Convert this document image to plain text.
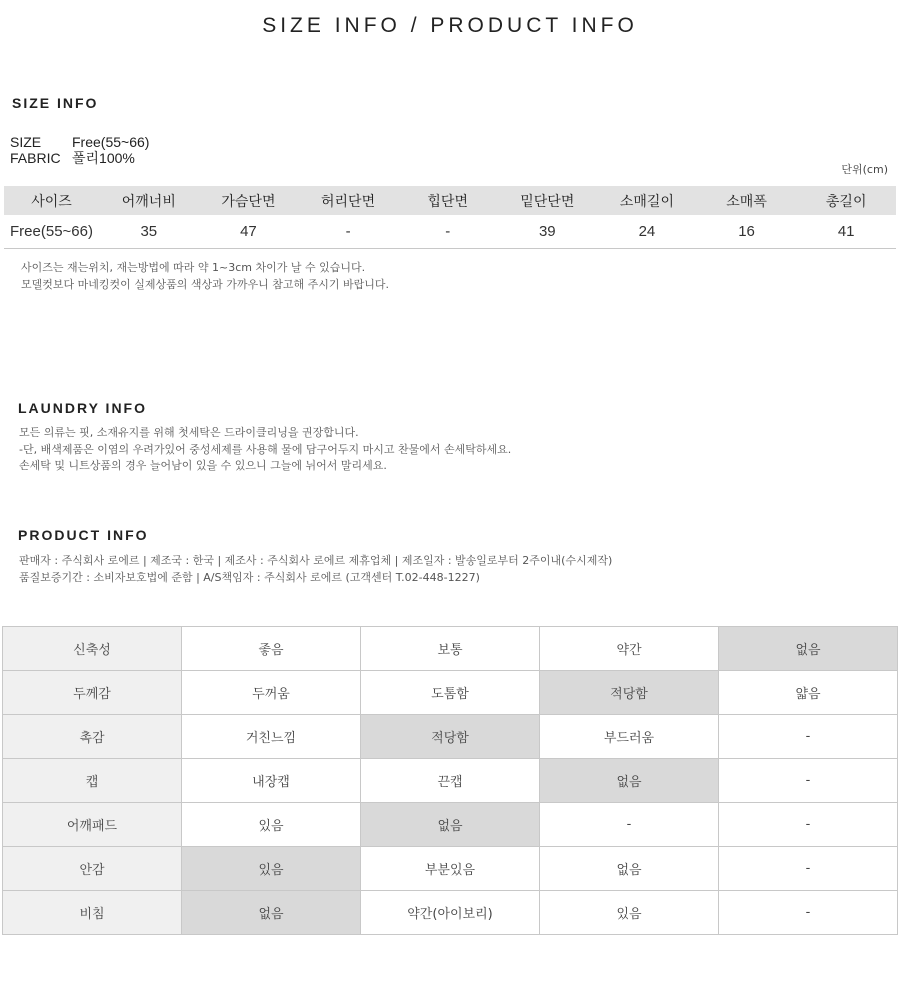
SIZE INFO / PRODUCT INFO
SIZE INFO
SIZE	Free(55~66)
FABRIC 폴리100%
단위(cm)
사이즈	어깨너비	가슴단면	허리단면	힙단면	밑단단면	소매길이	소매폭	총길이
Free(55~66)	35	47	-	-	39	24	16	41
사이즈는 재는위치, 재는방법에 따라 약 1~3cm 차이가 날 수 있습니다.
모델컷보다 마네킹컷이 실제상품의 색상과 가까우니 참고해 주시기 바랍니다.
LAUNDRY INFO
모든 의류는 핏, 소재유지를 위해 첫세탁은 드라이클리닝을 권장합니다.
-단, 배색제품은 이염의 우려가있어 중성세제를 사용해 물에 담구어두지 마시고 찬물에서 손세탁하세요.
손세탁 및 니트상품의 경우 늘어남이 있을 수 있으니 그늘에 뉘어서 말리세요.
PRODUCT INFO
판매자 : 주식회사 로에르 | 제조국 : 한국 | 제조사 : 주식회사 로에르 제휴업체 | 제조일자 : 발송일로부터 2주이내(수시제작)
품질보증기간 : 소비자보호법에 준함 | A/S책임자 : 주식회사 로에르 (고객센터 T.02-448-1227)
신축성	좋음	보통	약간	없음
두께감	두꺼움	도톰함	적당함	얇음
촉감	거친느낌	적당함	부드러움	-
캡	내장캡	끈캡	없음	-
어깨패드	있음	없음	-	-
안감	있음	부분있음	없음	-
비침	없음	약간(아이보리)	있음	-
